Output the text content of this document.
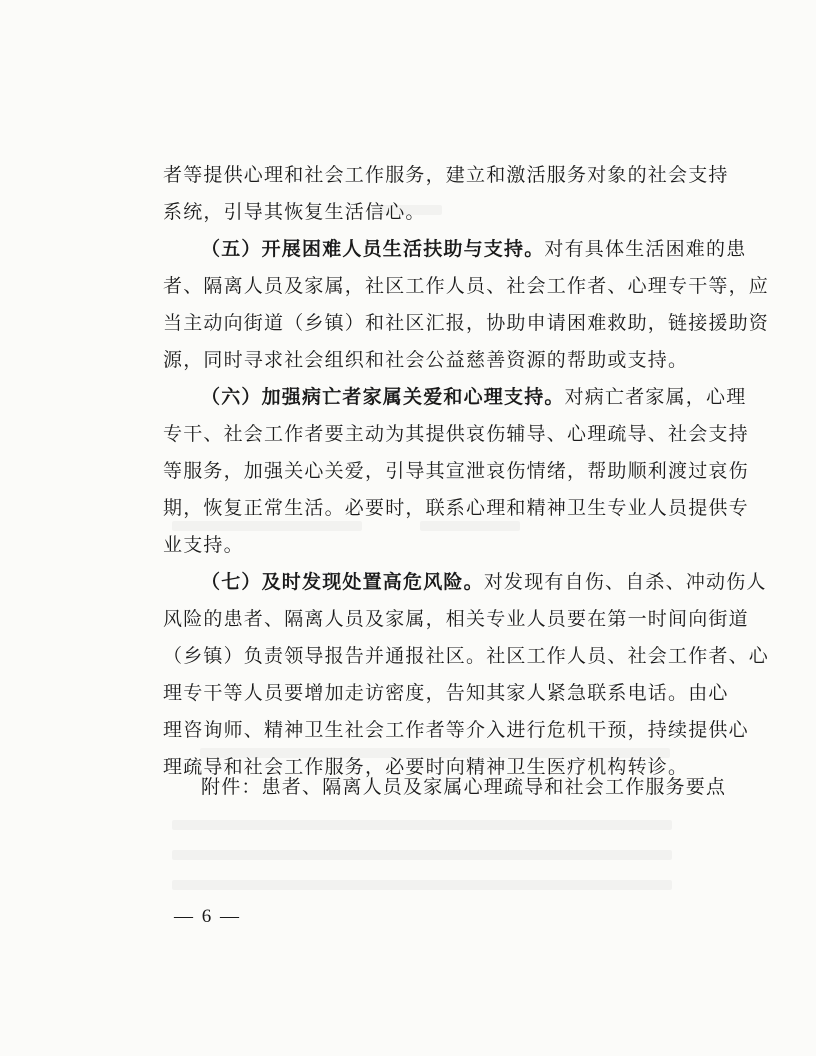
者等提供心理和社会工作服务，建立和激活服务对象的社会支持
系统，引导其恢复生活信心。
（五）开展困难人员生活扶助与支持。对有具体生活困难的患
者、隔离人员及家属，社区工作人员、社会工作者、心理专干等，应
当主动向街道（乡镇）和社区汇报，协助申请困难救助，链接援助资
源，同时寻求社会组织和社会公益慈善资源的帮助或支持。
（六）加强病亡者家属关爱和心理支持。对病亡者家属，心理
专干、社会工作者要主动为其提供哀伤辅导、心理疏导、社会支持
等服务，加强关心关爱，引导其宣泄哀伤情绪，帮助顺利渡过哀伤
期，恢复正常生活。必要时，联系心理和精神卫生专业人员提供专
业支持。
（七）及时发现处置高危风险。对发现有自伤、自杀、冲动伤人
风险的患者、隔离人员及家属，相关专业人员要在第一时间向街道
（乡镇）负责领导报告并通报社区。社区工作人员、社会工作者、心
理专干等人员要增加走访密度，告知其家人紧急联系电话。由心
理咨询师、精神卫生社会工作者等介入进行危机干预，持续提供心
理疏导和社会工作服务，必要时向精神卫生医疗机构转诊。
附件：患者、隔离人员及家属心理疏导和社会工作服务要点
— 6 —
